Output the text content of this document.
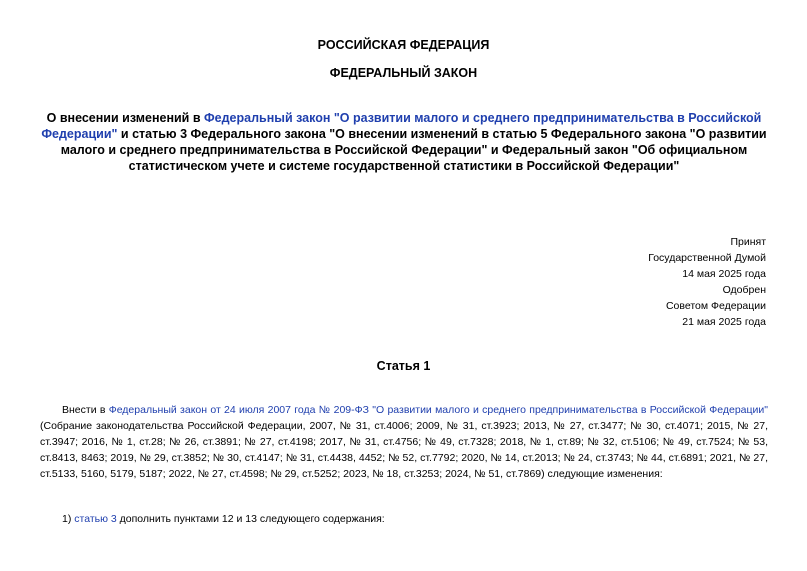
РОССИЙСКАЯ ФЕДЕРАЦИЯ
ФЕДЕРАЛЬНЫЙ ЗАКОН
О внесении изменений в Федеральный закон "О развитии малого и среднего предпринимательства в Российской Федерации" и статью 3 Федерального закона "О внесении изменений в статью 5 Федерального закона "О развитии малого и среднего предпринимательства в Российской Федерации" и Федеральный закон "Об официальном статистическом учете и системе государственной статистики в Российской Федерации"
Принят
Государственной Думой
14 мая 2025 года
Одобрен
Советом Федерации
21 мая 2025 года
Статья 1
Внести в Федеральный закон от 24 июля 2007 года № 209-ФЗ "О развитии малого и среднего предпринимательства в Российской Федерации" (Собрание законодательства Российской Федерации, 2007, № 31, ст.4006; 2009, № 31, ст.3923; 2013, № 27, ст.3477; № 30, ст.4071; 2015, № 27, ст.3947; 2016, № 1, ст.28; № 26, ст.3891; № 27, ст.4198; 2017, № 31, ст.4756; № 49, ст.7328; 2018, № 1, ст.89; № 32, ст.5106; № 49, ст.7524; № 53, ст.8413, 8463; 2019, № 29, ст.3852; № 30, ст.4147; № 31, ст.4438, 4452; № 52, ст.7792; 2020, № 14, ст.2013; № 24, ст.3743; № 44, ст.6891; 2021, № 27, ст.5133, 5160, 5179, 5187; 2022, № 27, ст.4598; № 29, ст.5252; 2023, № 18, ст.3253; 2024, № 51, ст.7869) следующие изменения:
1) статью 3 дополнить пунктами 12 и 13 следующего содержания:
